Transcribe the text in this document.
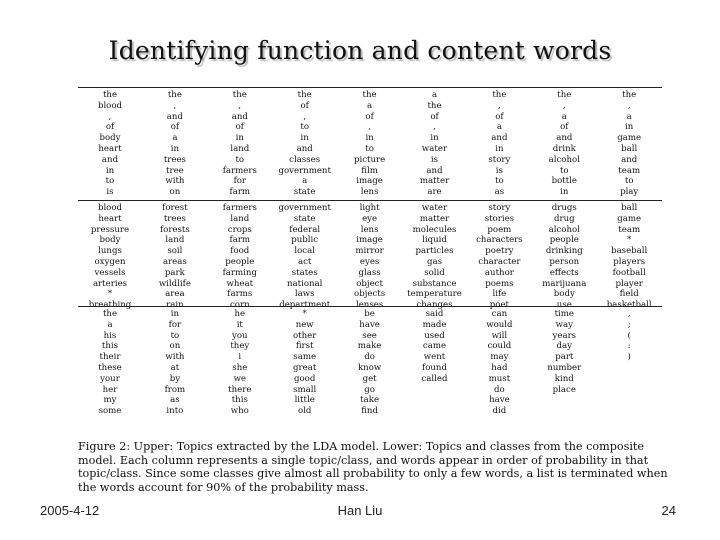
Identifying function and content words
the
blood
,
of
body
heart
and
in
to
is
the
,
and
of
a
in
trees
tree
with
on
the
,
and
of
in
land
to
farmers
for
farm
the
of
,
to
in
and
classes
government
a
state
the
a
of
,
in
to
picture
film
image
lens
a
the
of
,
in
water
is
and
matter
are
the
,
of
a
and
in
story
is
to
as
the
,
a
of
and
drink
alcohol
to
bottle
in
the
,
a
in
game
ball
and
team
to
play
blood
heart
pressure
body
lungs
oxygen
vessels
arteries
*
breathing
forest
trees
forests
land
soil
areas
park
wildlife
area
rain
farmers
land
crops
farm
food
people
farming
wheat
farms
corn
government
state
federal
public
local
act
states
national
laws
department
light
eye
lens
image
mirror
eyes
glass
object
objects
lenses
water
matter
molecules
liquid
particles
gas
solid
substance
temperature
changes
story
stories
poem
characters
poetry
character
author
poems
life
poet
drugs
drug
alcohol
people
drinking
person
effects
marijuana
body
use
ball
game
team
*
baseball
players
football
player
field
basketball
the
a
his
this
their
these
your
her
my
some
in
for
to
on
with
at
by
from
as
into
he
it
you
they
i
she
we
there
this
who
*
new
other
first
same
great
good
small
little
old
be
have
see
make
do
know
get
go
take
find
said
made
used
came
went
found
called
can
would
will
could
may
had
must
do
have
did
time
way
years
day
part
number
kind
place
,
;
(
:
)
Figure 2: Upper: Topics extracted by the LDA model. Lower: Topics and classes from the composite model. Each column represents a single topic/class, and words appear in order of probability in that topic/class. Since some classes give almost all probability to only a few words, a list is terminated when the words account for 90% of the probability mass.
2005-4-12	Han Liu	24
